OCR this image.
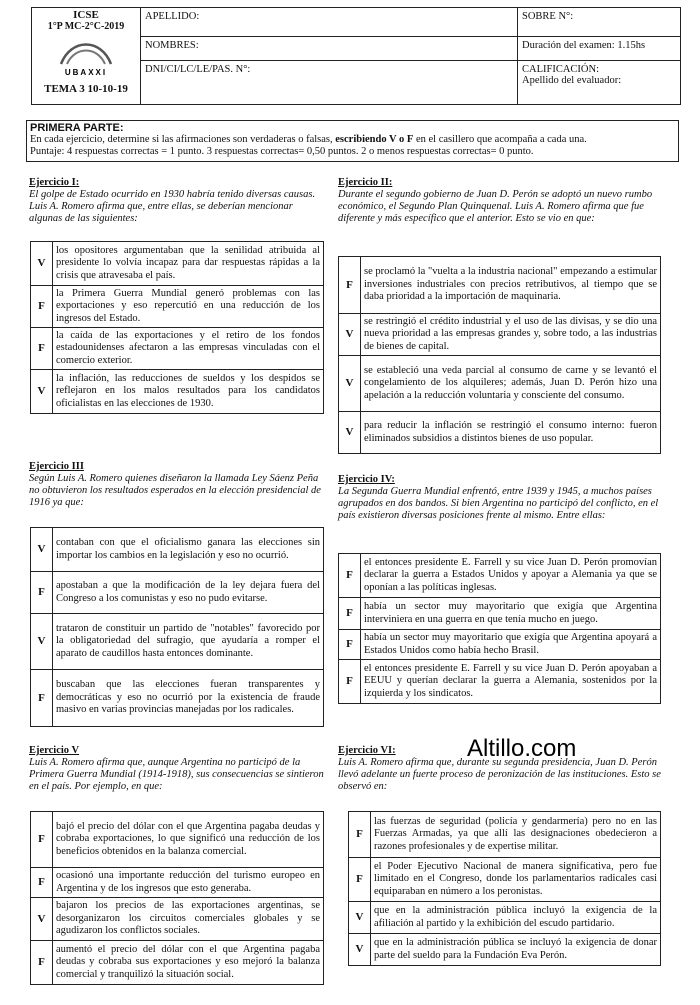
ICSE
1°P MC-2°C-2019
UBAXXI
TEMA 3 10-10-19	APELLIDO:	SOBRE N°:
	NOMBRES:	Duración del examen: 1.15hs
	DNI/CI/LC/LE/PAS. N°:	CALIFICACIÓN:
Apellido del evaluador:
PRIMERA PARTE:
En cada ejercicio, determine si las afirmaciones son verdaderas o falsas, escribiendo V o F en el casillero que acompaña a cada una.
Puntaje: 4 respuestas correctas = 1 punto. 3 respuestas correctas= 0,50 puntos. 2 o menos respuestas correctas= 0 punto.
Ejercicio I:
El golpe de Estado ocurrido en 1930 habría tenido diversas causas. Luis A. Romero afirma que, entre ellas, se deberían mencionar algunas de las siguientes:
V	los opositores argumentaban que la senilidad atribuida al presidente lo volvía incapaz para dar respuestas rápidas a la crisis que atravesaba el país.
F	la Primera Guerra Mundial generó problemas con las exportaciones y eso repercutió en una reducción de los ingresos del Estado.
F	la caída de las exportaciones y el retiro de los fondos estadounidenses afectaron a las empresas vinculadas con el comercio exterior.
V	la inflación, las reducciones de sueldos y los despidos se reflejaron en los malos resultados para los candidatos oficialistas en las elecciones de 1930.
Ejercicio II:
Durante el segundo gobierno de Juan D. Perón se adoptó un nuevo rumbo económico, el Segundo Plan Quinquenal. Luis A. Romero afirma que fue diferente y más específico que el anterior. Esto se vio en que:
F	se proclamó la "vuelta a la industria nacional" empezando a estimular inversiones industriales con precios retributivos, al tiempo que se daba prioridad a la importación de maquinaria.
V	se restringió el crédito industrial y el uso de las divisas, y se dio una nueva prioridad a las empresas grandes y, sobre todo, a las industrias de bienes de capital.
V	se estableció una veda parcial al consumo de carne y se levantó el congelamiento de los alquileres; además, Juan D. Perón hizo una apelación a la reducción voluntaria y consciente del consumo.
V	para reducir la inflación se restringió el consumo interno: fueron eliminados subsidios a distintos bienes de uso popular.
Ejercicio III
Según Luis A. Romero quienes diseñaron la llamada Ley Sáenz Peña no obtuvieron los resultados esperados en la elección presidencial de 1916 ya que:
V	contaban con que el oficialismo ganara las elecciones sin importar los cambios en la legislación y eso no ocurrió.
F	apostaban a que la modificación de la ley dejara fuera del Congreso a los comunistas y eso no pudo evitarse.
V	trataron de constituir un partido de "notables" favorecido por la obligatoriedad del sufragio, que ayudaría a romper el aparato de caudillos hasta entonces dominante.
F	buscaban que las elecciones fueran transparentes y democráticas y eso no ocurrió por la existencia de fraude masivo en varias provincias manejadas por los radicales.
Ejercicio IV:
La Segunda Guerra Mundial enfrentó, entre 1939 y 1945, a muchos países agrupados en dos bandos. Si bien Argentina no participó del conflicto, en el país existieron diversas posiciones frente al mismo. Entre ellas:
F	el entonces presidente E. Farrell y su vice Juan D. Perón promovían declarar la guerra a Estados Unidos y apoyar a Alemania ya que se oponían a las políticas inglesas.
F	había un sector muy mayoritario que exigía que Argentina interviniera en una guerra en que tenía mucho en juego.
F	había un sector muy mayoritario que exigía que Argentina apoyará a Estados Unidos como había hecho Brasil.
F	el entonces presidente E. Farrell y su vice Juan D. Perón apoyaban a EEUU y querían declarar la guerra a Alemania, sostenidos por la izquierda y los sindicatos.
Altillo.com
Ejercicio V
Luis A. Romero afirma que, aunque Argentina no participó de la Primera Guerra Mundial (1914-1918), sus consecuencias se sintieron en el país. Por ejemplo, en que:
F	bajó el precio del dólar con el que Argentina pagaba deudas y cobraba exportaciones, lo que significó una reducción de los beneficios obtenidos en la balanza comercial.
F	ocasionó una importante reducción del turismo europeo en Argentina y de los ingresos que esto generaba.
V	bajaron los precios de las exportaciones argentinas, se desorganizaron los circuitos comerciales globales y se agudizaron los conflictos sociales.
F	aumentó el precio del dólar con el que Argentina pagaba deudas y cobraba sus exportaciones y eso mejoró la balanza comercial y tranquilizó la situación social.
Ejercicio VI:
Luis A. Romero afirma que, durante su segunda presidencia, Juan D. Perón llevó adelante un fuerte proceso de peronización de las instituciones. Esto se observó en:
F	las fuerzas de seguridad (policía y gendarmería) pero no en las Fuerzas Armadas, ya que allí las designaciones obedecieron a razones profesionales y de expertise militar.
F	el Poder Ejecutivo Nacional de manera significativa, pero fue limitado en el Congreso, donde los parlamentarios radicales casi equiparaban en número a los peronistas.
V	que en la administración pública incluyó la exigencia de la afiliación al partido y la exhibición del escudo partidario.
V	que en la administración pública se incluyó la exigencia de donar parte del sueldo para la Fundación Eva Perón.
